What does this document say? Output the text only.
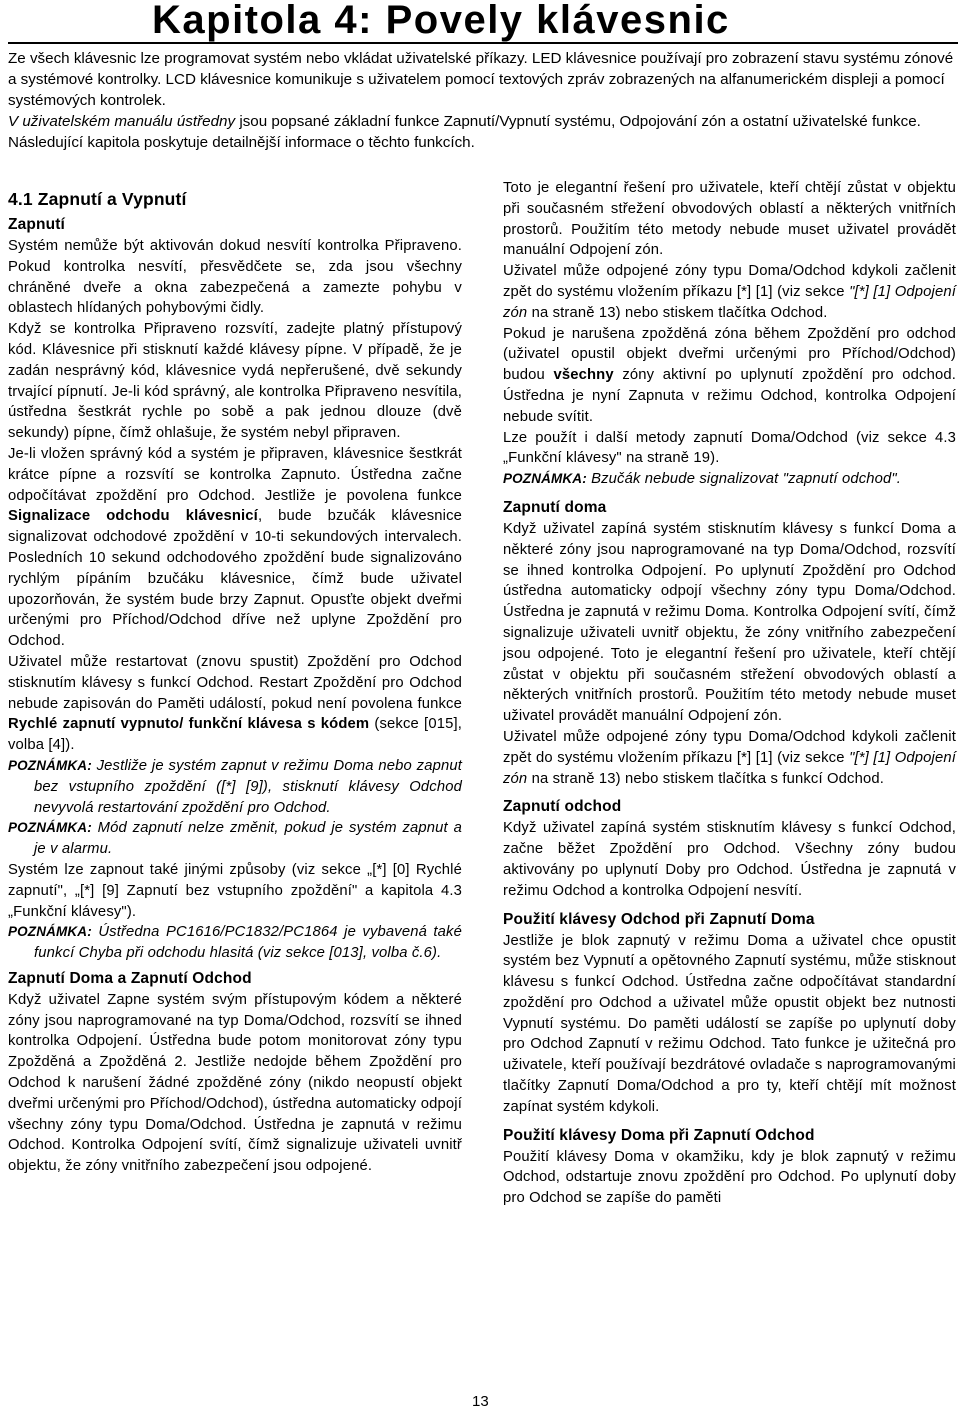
Kapitola 4: Povely klávesnic

Ze všech klávesnic lze programovat systém nebo vkládat uživatelské příkazy. LED klávesnice používají pro zobrazení stavu systému zónové a systémové kontrolky. LCD klávesnice komunikuje s uživatelem pomocí textových zpráv zobrazených na alfanumerickém displeji a pomocí systémových kontrolek.

V uživatelském manuálu ústředny jsou popsané základní funkce Zapnutí/Vypnutí systému, Odpojování zón a ostatní uživatelské funkce. Následující kapitola poskytuje detailnější informace o těchto funkcích.

4.1 Zapnutí a Vypnutí
Zapnutí

Systém nemůže být aktivován dokud nesvítí kontrolka Připraveno. Pokud kontrolka nesvítí, přesvědčete se, zda jsou všechny chráněné dveře a okna zabezpečená a zamezte pohybu v oblastech hlídaných pohybovými čidly.

Když se kontrolka Připraveno rozsvítí, zadejte platný přístupový kód. Klávesnice při stisknutí každé klávesy pípne. V případě, že je zadán nesprávný kód, klávesnice vydá nepřerušené, dvě sekundy trvající pípnutí. Je-li kód správný, ale kontrolka Připraveno nesvítila, ústředna šestkrát rychle po sobě a pak jednou dlouze (dvě sekundy) pípne, čímž ohlašuje, že systém nebyl připraven.

Je-li vložen správný kód a systém je připraven, klávesnice šestkrát krátce pípne a rozsvítí se kontrolka Zapnuto. Ústředna začne odpočítávat zpoždění pro Odchod. Jestliže je povolena funkce Signalizace odchodu klávesnicí, bude bzučák klávesnice signalizovat odchodové zpoždění v 10-ti sekundových intervalech. Posledních 10 sekund odchodového zpoždění bude signalizováno rychlým pípáním bzučáku klávesnice, čímž bude uživatel upozorňován, že systém bude brzy Zapnut. Opusťte objekt dveřmi určenými pro Příchod/Odchod dříve než uplyne Zpoždění pro Odchod.

Uživatel může restartovat (znovu spustit) Zpoždění pro Odchod stisknutím klávesy s funkcí Odchod. Restart Zpoždění pro Odchod nebude zapisován do Paměti událostí, pokud není povolena funkce Rychlé zapnutí vypnuto/ funkční klávesa s kódem (sekce [015], volba [4]).

POZNÁMKA: Jestliže je systém zapnut v režimu Doma nebo zapnut bez vstupního zpoždění ([*] [9]), stisknutí klávesy Odchod nevyvolá restartování zpoždění pro Odchod.

POZNÁMKA: Mód zapnutí nelze změnit, pokud je systém zapnut a je v alarmu.

Systém lze zapnout také jinými způsoby (viz sekce „[*] [0] Rychlé zapnutí", „[*] [9] Zapnutí bez vstupního zpoždění" a kapitola 4.3 „Funkční klávesy").

POZNÁMKA: Ústředna PC1616/PC1832/PC1864 je vybavená také funkcí Chyba při odchodu hlasitá (viz sekce [013], volba č.6).

Zapnutí Doma a Zapnutí Odchod

Když uživatel Zapne systém svým přístupovým kódem a některé zóny jsou naprogramované na typ Doma/Odchod, rozsvítí se ihned kontrolka Odpojení. Ústředna bude potom monitorovat zóny typu Zpožděná a Zpožděná 2. Jestliže nedojde během Zpoždění pro Odchod k narušení žádné zpožděné zóny (nikdo neopustí objekt dveřmi určenými pro Příchod/Odchod), ústředna automaticky odpojí všechny zóny typu Doma/Odchod. Ústředna je zapnutá v režimu Odchod. Kontrolka Odpojení svítí, čímž signalizuje uživateli uvnitř objektu, že zóny vnitřního zabezpečení jsou odpojené.

Toto je elegantní řešení pro uživatele, kteří chtějí zůstat v objektu při současném střežení obvodových oblastí a některých vnitřních prostorů. Použitím této metody nebude muset uživatel provádět manuální Odpojení zón.

Uživatel může odpojené zóny typu Doma/Odchod kdykoli začlenit zpět do systému vložením příkazu [*] [1] (viz sekce "[*] [1] Odpojení zón na straně 13) nebo stiskem tlačítka Odchod.

Pokud je narušena zpožděná zóna během Zpoždění pro odchod (uživatel opustil objekt dveřmi určenými pro Příchod/Odchod) budou všechny zóny aktivní po uplynutí zpoždění pro odchod. Ústředna je nyní Zapnuta v režimu Odchod, kontrolka Odpojení nebude svítit.

Lze použít i další metody zapnutí Doma/Odchod (viz sekce 4.3 „Funkční klávesy" na straně 19).

POZNÁMKA: Bzučák nebude signalizovat "zapnutí odchod".

Zapnutí doma

Když uživatel zapíná systém stisknutím klávesy s funkcí Doma a některé zóny jsou naprogramované na typ Doma/Odchod, rozsvítí se ihned kontrolka Odpojení. Po uplynutí Zpoždění pro Odchod ústředna automaticky odpojí všechny zóny typu Doma/Odchod. Ústředna je zapnutá v režimu Doma. Kontrolka Odpojení svítí, čímž signalizuje uživateli uvnitř objektu, že zóny vnitřního zabezpečení jsou odpojené. Toto je elegantní řešení pro uživatele, kteří chtějí zůstat v objektu při současném střežení obvodových oblastí a některých vnitřních prostorů. Použitím této metody nebude muset uživatel provádět manuální Odpojení zón.

Uživatel může odpojené zóny typu Doma/Odchod kdykoli začlenit zpět do systému vložením příkazu [*] [1] (viz sekce "[*] [1] Odpojení zón na straně 13) nebo stiskem tlačítka s funkcí Odchod.

Zapnutí odchod

Když uživatel zapíná systém stisknutím klávesy s funkcí Odchod, začne běžet Zpoždění pro Odchod. Všechny zóny budou aktivovány po uplynutí Doby pro Odchod. Ústředna je zapnutá v režimu Odchod a kontrolka Odpojení nesvítí.

Použití klávesy Odchod při Zapnutí Doma

Jestliže je blok zapnutý v režimu Doma a uživatel chce opustit systém bez Vypnutí a opětovného Zapnutí systému, může stisknout klávesu s funkcí Odchod. Ústředna začne odpočítávat standardní zpoždění pro Odchod a uživatel může opustit objekt bez nutnosti Vypnutí systému. Do paměti událostí se zapíše po uplynutí doby pro Odchod Zapnutí v režimu Odchod. Tato funkce je užitečná pro uživatele, kteří používají bezdrátové ovladače s naprogramovanými tlačítky Zapnutí Doma/Odchod a pro ty, kteří chtějí mít možnost zapínat systém kdykoli.

Použití klávesy Doma při Zapnutí Odchod

Použití klávesy Doma v okamžiku, kdy je blok zapnutý v režimu Odchod, odstartuje znovu zpoždění pro Odchod. Po uplynutí doby pro Odchod se zapíše do paměti

13
